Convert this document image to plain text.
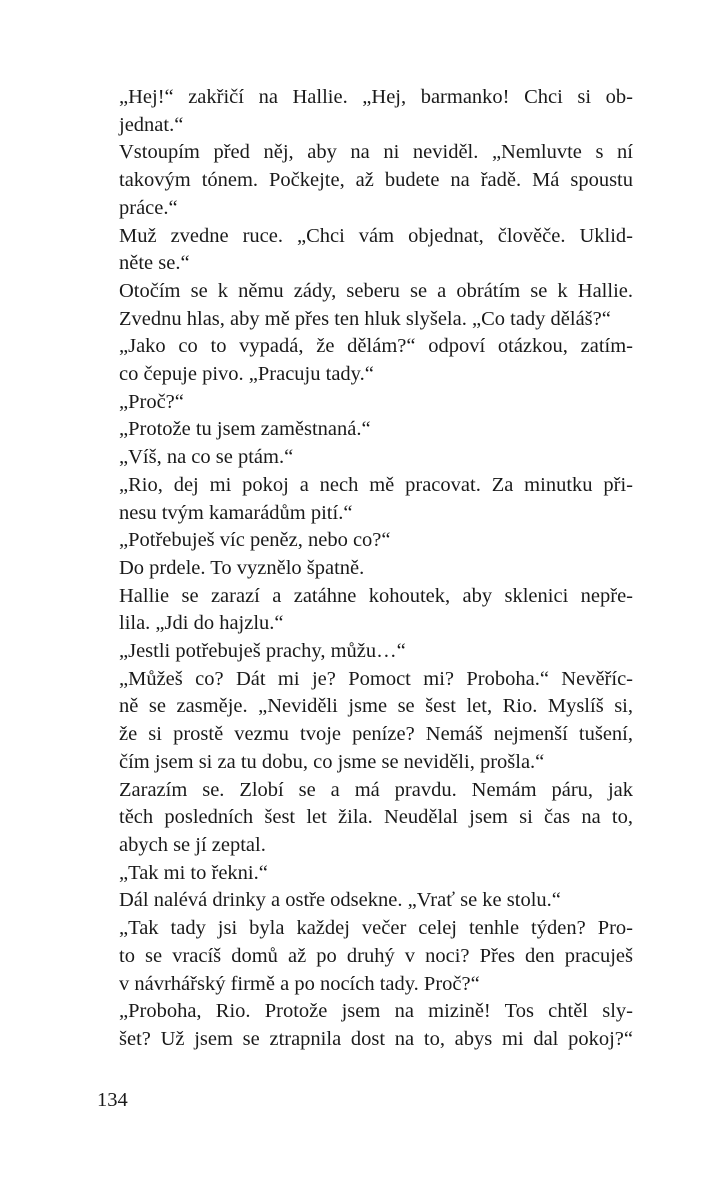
„Hej!“ zakřičí na Hallie. „Hej, barmanko! Chci si ob-
jednat.“

Vstoupím před něj, aby na ni neviděl. „Nemluvte s ní
takovým tónem. Počkejte, až budete na řadě. Má spoustu
práce.“

Muž zvedne ruce. „Chci vám objednat, člověče. Uklid-
něte se.“

Otočím se k němu zády, seberu se a obrátím se k Hallie.
Zvednu hlas, aby mě přes ten hluk slyšela. „Co tady děláš?“

„Jako co to vypadá, že dělám?“ odpoví otázkou, zatím-
co čepuje pivo. „Pracuju tady.“

„Proč?“

„Protože tu jsem zaměstnaná.“

„Víš, na co se ptám.“

„Rio, dej mi pokoj a nech mě pracovat. Za minutku při-
nesu tvým kamarádům pití.“

„Potřebuješ víc peněz, nebo co?“

Do prdele. To vyznělo špatně.

Hallie se zarazí a zatáhne kohoutek, aby sklenici nepře-
lila. „Jdi do hajzlu.“

„Jestli potřebuješ prachy, můžu…“

„Můžeš co? Dát mi je? Pomoct mi? Proboha.“ Nevěříc-
ně se zasměje. „Neviděli jsme se šest let, Rio. Myslíš si,
že si prostě vezmu tvoje peníze? Nemáš nejmenší tušení,
čím jsem si za tu dobu, co jsme se neviděli, prošla.“

Zarazím se. Zlobí se a má pravdu. Nemám páru, jak
těch posledních šest let žila. Neudělal jsem si čas na to,
abych se jí zeptal.

„Tak mi to řekni.“

Dál nalévá drinky a ostře odsekne. „Vrať se ke stolu.“

„Tak tady jsi byla každej večer celej tenhle týden? Pro-
to se vracíš domů až po druhý v noci? Přes den pracuješ
v návrhářský firmě a po nocích tady. Proč?“

„Proboha, Rio. Protože jsem na mizině! Tos chtěl sly-
šet? Už jsem se ztrapnila dost na to, abys mi dal pokoj?“

134
